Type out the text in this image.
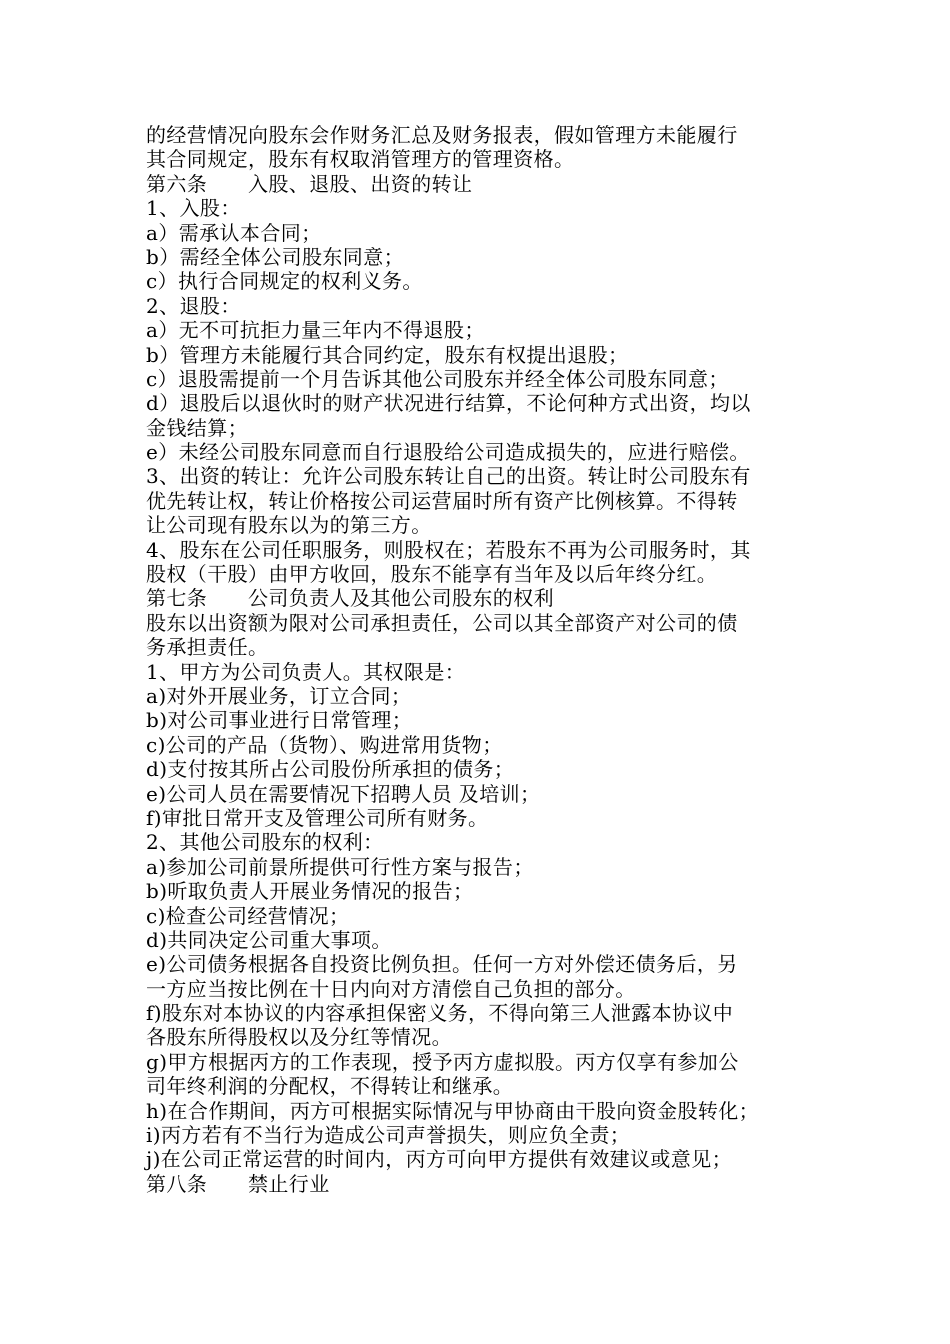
的经营情况向股东会作财务汇总及财务报表，假如管理方未能履行
其合同规定，股东有权取消管理方的管理资格。
第六条　　入股、退股、出资的转让
1、入股：
a）需承认本合同；
b）需经全体公司股东同意；
c）执行合同规定的权利义务。
2、退股：
a）无不可抗拒力量三年内不得退股；
b）管理方未能履行其合同约定，股东有权提出退股；
c）退股需提前一个月告诉其他公司股东并经全体公司股东同意；
d）退股后以退伙时的财产状况进行结算，不论何种方式出资，均以
金钱结算；
e）未经公司股东同意而自行退股给公司造成损失的，应进行赔偿。
3、出资的转让：允许公司股东转让自己的出资。转让时公司股东有
优先转让权，转让价格按公司运营届时所有资产比例核算。不得转
让公司现有股东以为的第三方。
4、股东在公司任职服务，则股权在；若股东不再为公司服务时，其
股权（干股）由甲方收回，股东不能享有当年及以后年终分红。
第七条　　公司负责人及其他公司股东的权利
股东以出资额为限对公司承担责任，公司以其全部资产对公司的债
务承担责任。
1、甲方为公司负责人。其权限是：
a)对外开展业务，订立合同；
b)对公司事业进行日常管理；
c)公司的产品（货物）、购进常用货物；
d)支付按其所占公司股份所承担的债务；
e)公司人员在需要情况下招聘人员 及培训；
f)审批日常开支及管理公司所有财务。
2、其他公司股东的权利：
a)参加公司前景所提供可行性方案与报告；
b)听取负责人开展业务情况的报告；
c)检查公司经营情况；
d)共同决定公司重大事项。
e)公司债务根据各自投资比例负担。任何一方对外偿还债务后，另
一方应当按比例在十日内向对方清偿自己负担的部分。
f)股东对本协议的内容承担保密义务，不得向第三人泄露本协议中
各股东所得股权以及分红等情况。
g)甲方根据丙方的工作表现，授予丙方虚拟股。丙方仅享有参加公
司年终利润的分配权，不得转让和继承。
h)在合作期间，丙方可根据实际情况与甲协商由干股向资金股转化；
i)丙方若有不当行为造成公司声誉损失，则应负全责；
j)在公司正常运营的时间内，丙方可向甲方提供有效建议或意见；
第八条　　禁止行业
